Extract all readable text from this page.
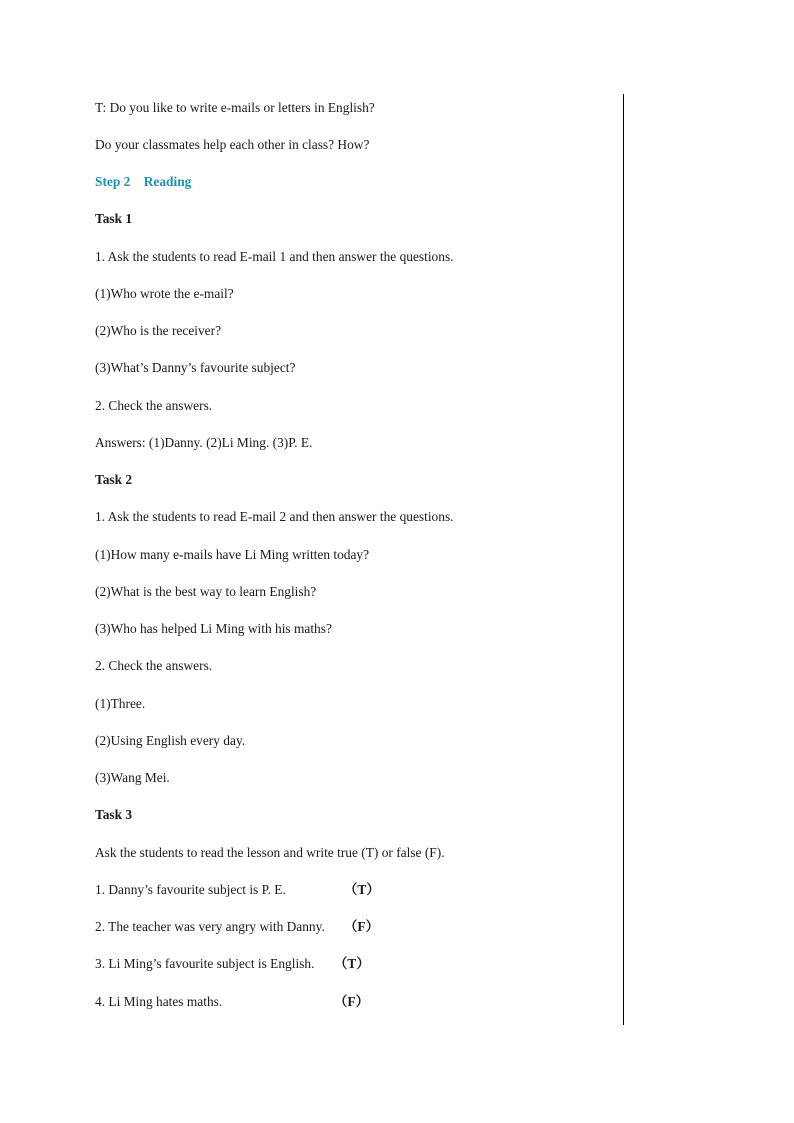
T: Do you like to write e-mails or letters in English?
Do your classmates help each other in class? How?
Step 2    Reading
Task 1
1. Ask the students to read E-mail 1 and then answer the questions.
(1)Who wrote the e-mail?
(2)Who is the receiver?
(3)What’s Danny’s favourite subject?
2. Check the answers.
Answers: (1)Danny. (2)Li Ming. (3)P. E.
Task 2
1. Ask the students to read E-mail 2 and then answer the questions.
(1)How many e-mails have Li Ming written today?
(2)What is the best way to learn English?
(3)Who has helped Li Ming with his maths?
2. Check the answers.
(1)Three.
(2)Using English every day.
(3)Wang Mei.
Task 3
Ask the students to read the lesson and write true (T) or false (F).
1. Danny’s favourite subject is P. E.	（T）
2. The teacher was very angry with Danny. （F）
3. Li Ming’s favourite subject is English. （T）
4. Li Ming hates maths.	（F）
